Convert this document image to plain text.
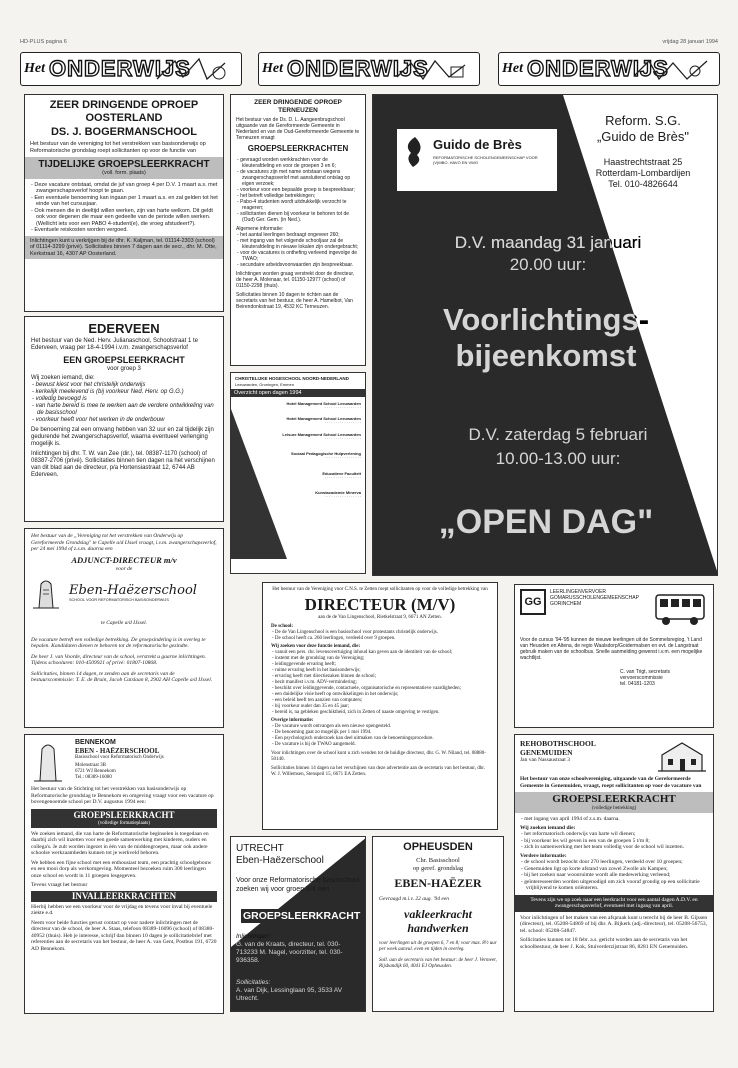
HD-PLUS pagina 6	vrijdag 28 januari 1994
Het ONDERWIJS	Het ONDERWIJS	Het ONDERWIJS
ZEER DRINGENDE OPROEP
OOSTERLAND
DS. J. BOGERMANSCHOOL
Het bestuur van de vereniging tot het verstrekken van basisonderwijs op Reformatorische grondslag roept sollicitanten op voor de functie van
TIJDELIJKE GROEPSLEERKRACHT
(voll. form. plaats)
- Deze vacature ontstaat, omdat de juf van groep 4 per D.V. 1 maart a.s. met zwangerschapsverlof hoopt te gaan.
- Een eventuele benoeming kan ingaan per 1 maart a.s. en zal gelden tot het einde van het cursusjaar.
- Ook mensen die in deeltijd willen werken, zijn van harte welkom. Dit geldt ook voor degenen die maar een gedeelte van de periode willen werken. (Wellicht iets voor een PABO 4-student(e), die vroeg afstudeert?).
- Eventuele reiskosten worden vergoed.
Inlichtingen kunt u verkrijgen bij de dhr. K. Kaljman, tel. 01114-2303 (school) of 01114-3299 (privé). Sollicitaties binnen 7 dagen aan de secr., dhr. M. Otte, Kerkstraat 16, 4307 AP Oosterland.
EDERVEEN
Het bestuur van de Ned. Herv. Julianaschool, Schoolstraat 1 te Ederveen, vraag per 18-4-1994 i.v.m. zwangerschapsverlof
EEN GROEPSLEERKRACHT
voor groep 3
Wij zoeken iemand, die:
- bewust kiest voor het christelijk onderwijs
- kerkelijk meelevend is (bij voorkeur Ned. Herv. op G.G.)
- volledig bevoegd is
- van harte bereid is mee te werken aan de verdere ontwikkeling van de basisschool
- voorkeur heeft voor het werken in de onderbouw
De benoeming zal een omvang hebben van 32 uur en zal tijdelijk zijn gedurende het zwangerschapsverlof, waarna eventueel verlenging mogelijk is.
Inlichtingen bij dhr. T. W. van Zee (dir.), tel. 08387-1170 (school) of 08387-2706 (privé). Sollicitaties binnen tien dagen na het verschijnen van dit blad aan de directeur, p/a Hortensiastraat 12, 6744 AB Ederveen.
Het bestuur van de „Vereniging tot het verstrekken van Onderwijs op Gereformeerde Grondslag" te Capelle a/d IJssel vraagt, i.v.m. zwangerschapsverlof, per 24 mei 1994 of z.s.m. daarna een
ADJUNCT-DIRECTEUR m/v
voor de
Eben-Haëzerschool
SCHOOL VOOR REFORMATORISCH BASISONDERWIJS
te Capelle a/d IJssel.
De vacature betreft een volledige betrekking. De groepsindeling is in overleg te bepalen. Kandidaten dienen te behoren tot de reformatorische gezindte.
De heer J. van Voorde, directeur van de school, verstrekt u gaarne inlichtingen. Tijdens schooluren: 010-4509921 of privé: 01807-10868.
Sollicitaties, binnen 14 dagen, te zenden aan de secretaris van de bestuurscommissie: T. E. de Bruin, Jacob Catslaan 8, 2902 AH Capelle a/d IJssel.
BENNEKOM
EBEN - HAËZERSCHOOL
Basisschool voor Reformatorisch Onderwijs
Molenstraat 3B
6721 WJ Bennekom
Tel.: 08389-16080
Het bestuur van de Stichting tot het verstrekken van basisonderwijs op Reformatorische grondslag te Bennekom en omgeving vraagt voor een vacature op bovengenoemde school per D.V. augustus 1994 een:
GROEPSLEERKRACHT
(volledige formatieplaats)
We zoeken iemand, die van harte de Reformatorische beginselen is toegedaan en daarbij zich wil inzetten voor een goede samenwerking met kinderen, ouders en collega's. Je zult worden ingezet in één van de middengroepen, maar ook andere schoolse werkzaamheden kunnen tot je werkveld behoren.
We hebben een fijne school met een enthousiast team, een prachtig schoolgebouw en een mooi dorp als werkomgeving. Momenteel bezoeken ruim 300 leerlingen onze school en wordt in 11 groepen lesgegeven.
Tevens vraagt het bestuur
INVALLEERKRACHTEN
Hierbij hebben we een voorkeur voor de vrijdag en tevens voor inval bij eventuele ziekte e.d.
Neem voor beide functies gerust contact op voor nadere inlichtingen met de directeur van de school, de heer A. Staas, telefoon 08389-16096 (school) of 08380-40952 (thuis). Heb je interesse, schrijf dan binnen 10 dagen je sollicitatiebrief met referenties aan de secretaris van het bestuur, de heer A. van Gent, Postbus 191, 6720 AD Bennekom.
ZEER DRINGENDE OPROEP
TERNEUZEN
Het bestuur van de Ds. D. L. Aangeenbrugschool uitgaande van de Gereformeerde Gemeente in Nederland en van de Oud-Gereformeerde Gemeente te Terneuzen vraagt
GROEPSLEERKRACHTEN
- gevraagd worden werkkrachten voor de kleuterafdeling en voor de groepen 3 en 6;
- de vacatures zijn met name ontstaan wegens zwangerschapsverlof met aansluitend ontslag op eigen verzoek;
- voorkeur voor een bepaalde groep is bespreekbaar;
- het betreft volledige betrekkingen;
- Pabo-4 studenten wordt uitdrukkelijk verzocht te reageren;
- sollicitanten dienen bij voorkeur te behoren tot de (Oud) Ger. Gem. (in Ned.).
Algemene informatie:
- het aantal leerlingen bedraagt ongeveer 260;
- met ingang van het volgende schooljaar zal de kleuterafdeling in nieuwe lokalen zijn ondergebracht;
- voor de vacatures is onthefing verleend ingevolge de TWAO;
- secundaire arbeidsvoorwaarden zijn bespreekbaar.
Inlichtingen worden graag verstrekt door de directeur, de heer A. Molenaar, tel. 01150-12977 (school) of 01150-2298 (thuis).
Sollicitaties binnen 10 dagen te richten aan de secretaris van het bestuur, de heer A. Hamelbot, Van Beirendonkstraat 19, 4532 KC Terneuzen.
CHRISTELIJKE HOGESCHOOL NOORD-NEDERLAND
Leeuwarden, Groningen, Emmen
Overzicht open dagen 1994
Hotel Management School Leeuwarden
· · · · · · · · · · · · · · · · ·
Hotel Management School Leeuwarden
· · · · · · · · · · · · · · · · ·
Leisure Management School Leeuwarden
· · · · · · · · · · · · · · · · ·
Sociaal Pedagogische Hulpverlening
· · · · · · · · · · · · · · · · ·
Educatieve Faculteit
· · · · · · · · · · · · · · · · ·
Kunstacademie Minerva
· · · · · · · · · · · · · · · · ·
Informatiecentrum CHN: 058-330336
Guido de Brès
REFORMATORISCHE SCHOLENGEMEENSCHAP VOOR (V)MBO, HAVO EN VWO
Reform. S.G.
„Guido de Brès"
Haastrechtstraat 25
Rotterdam-Lombardijen
Tel. 010-4826644
D.V. maandag 31 januari
20.00 uur:
Voorlichtings-
bijeenkomst
D.V. zaterdag 5 februari
10.00-13.00 uur:
„OPEN DAG"
Het bestuur van de Vereniging voor C.N.S. te Zetten roept sollicitanten op voor de volledige betrekking van
DIRECTEUR (M/V)
aan de de Van Lingenschool, Rietkelstraat 9, 6671 AN Zetten.
De school:
- De de Van Lingenschool is een basisschool voor protestants christelijk onderwijs.
- De school heeft ca. 260 leerlingen, verdeeld over 9 groepen.
Wij zoeken voor deze functie iemand, die:
- vanuit een pers. chr. levensovertuiging inhoud kan geven aan de identiteit van de school;
- instemt met de grondslag van de Vereniging;
- leidinggevende ervaring heeft;
- ruime ervaring heeft in het basisonderwijs;
- ervaring heeft met directiezaken binnen de school;
- bezit manifest i.v.m. ADV-vermindering;
- beschikt over leidinggevende, contactuele, organisatorische en representatieve vaardigheden;
- een duidelijke visie heeft op ontwikkelingen in het onderwijs;
- een beleid heeft ten aanzien van computers;
- bij voorkeur ouder dan 35 en 45 jaar;
- bereid is, na gebleken geschiktheid, zich in Zetten of naaste omgeving te vestigen.
Overige informatie:
- De vacature wordt ontvangen als een nieuwe opengesteld.
- De benoeming gaat zo mogelijk per 1 mei 1994.
- Een psychologisch onderzoek kan deel uitmaken van de benoemingsprocedure.
- De vacature is bij de TWAO aangemeld.
Voor inlichtingen over de school kunt u zich wenden tot de huidige directeur, dhr. G. W. Niland, tel. 08880-50140.
Sollicitaties binnen 14 dagen na het verschijnen van deze advertentie aan de secretaris van het bestuur, dhr. W. J. Willemsen, Stenspeil 15, 6671 EA Zetten.
GG
LEERLINGENVERVOER
GOMARUSSCHOLENGEMEENSCHAP
GORINCHEM
Voor de cursus '94-'95 kunnen de nieuwe leerlingen uit de Sommelsregiog, 't Land van Heusden en Altena, de regio Waalsdorp/Goidermalsen en evt. de Langstraat gebruik maken van de schoolbus. Snelle aanmelding gewenst i.v.m. een mogelijke wachtlijst.
C. van Trigt, secretaris
vervoerscommissie
tel. 04181-1203
UTRECHT
Eben-Haëzerschool
Voor onze Reformatorische basisschool zoeken wij voor groep 3/4 een
GROEPSLEERKRACHT
Inlichtingen:
G. van de Kraats, directeur, tel. 030-713233 M. Nagel, voorzitter, tel. 030-936358.
Sollicitaties:
A. van Dijk, Lessinglaan 95, 3533 AV Utrecht.
OPHEUSDEN
Chr. Basisschool
op geref. grondslag
EBEN-HAËZER
Gevraagd m.i.v. 22 aug. '94 een
vakleerkracht
handwerken
voor leerlingen uit de groepen 6, 7 en 8; voor max. 8½ uur per week aanvul. even en tijden in overleg.
Soll. aan de secretaris van het bestuur: de heer J. Vermeer, Rijsbandijk 60, 4041 EJ Opheusden.
REHOBOTHSCHOOL
GENEMUIDEN
Jan van Nassaustraat 3
Het bestuur van onze schoolvereniging, uitgaande van de Gereformeerde Gemeente in Genemuiden, vraagt, roept sollicitanten op voor de vacature van
GROEPSLEERKRACHT
(volledige betrekking)
- met ingang van april 1994 of z.s.m. daarna.
Wij zoeken iemand die:
- het reformatorisch onderwijs van harte wil dienen;
- bij voorkeur les wil geven in een van de groepen 5 t/m 8;
- zich in samenwerking met het team volledig voor de school wil inzetten.
Verdere informatie:
- de school wordt bezocht door 270 leerlingen, verdeeld over 10 groepen;
- Genemuiden ligt op korte afstand van zowel Zwolle als Kampen;
- bij het zoeken naar woonruimte wordt alle medewerking verleend;
- geïnteresseerden worden uitgenodigd om zich vooraf grondig op een sollicitatie vrijblijvend te komen oriënteren.
Tevens zijn we op zoek naar een leerkracht voor een aantal dagen A.D.V. en zwangerschapsverlof, eventueel met ingang van april.
Voor inlichtingen of het maken van een afspraak kunt u terecht bij de heer B. Gijssen (directeur), tel. 05208-54869 of bij dhr. A. Bijkerk (adj.-directeur), tel. 05208-56753, tel. school: 05208-54847.
Sollicitaties kunnen tot 18 febr. a.s. gericht worden aan de secretaris van het schoolbestuur, de heer J. Kok, Stuiverderzijstraat 86, 8281 EN Genemuiden.
